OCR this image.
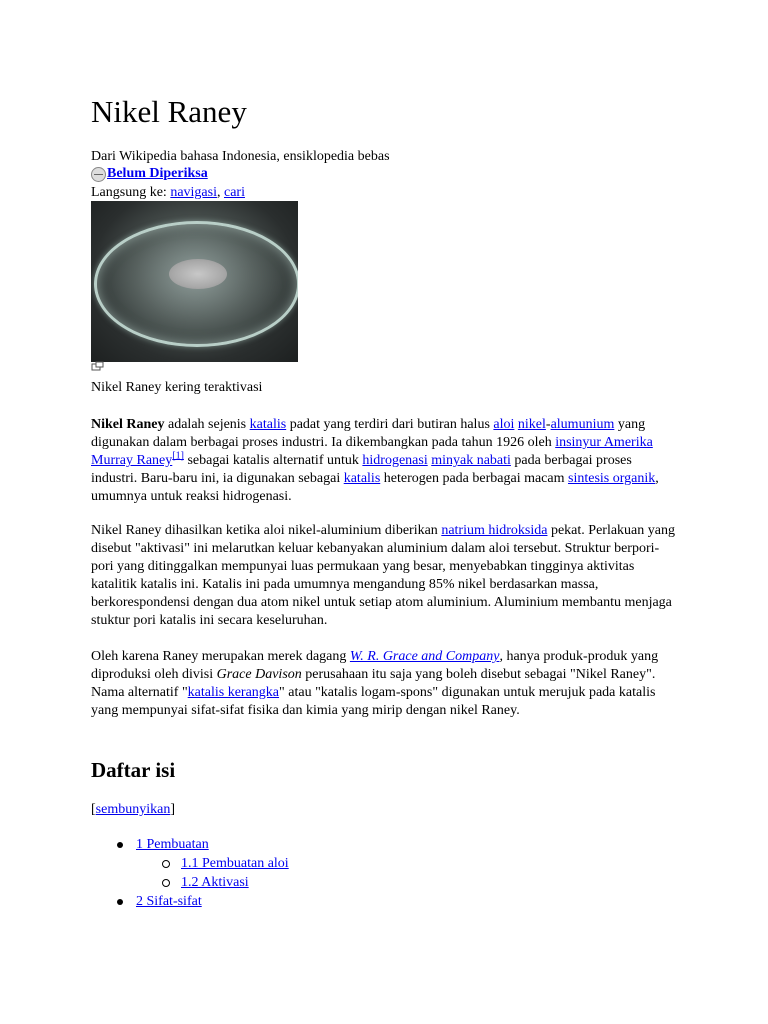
Nikel Raney
Dari Wikipedia bahasa Indonesia, ensiklopedia bebas
Belum Diperiksa
Langsung ke: navigasi, cari
Nikel Raney kering teraktivasi

Nikel Raney adalah sejenis katalis padat yang terdiri dari butiran halus aloi nikel-alumunium yang digunakan dalam berbagai proses industri. Ia dikembangkan pada tahun 1926 oleh insinyur Amerika Murray Raney[1] sebagai katalis alternatif untuk hidrogenasi minyak nabati pada berbagai proses industri. Baru-baru ini, ia digunakan sebagai katalis heterogen pada berbagai macam sintesis organik, umumnya untuk reaksi hidrogenasi.

Nikel Raney dihasilkan ketika aloi nikel-aluminium diberikan natrium hidroksida pekat. Perlakuan yang disebut "aktivasi" ini melarutkan keluar kebanyakan aluminium dalam aloi tersebut. Struktur berpori-pori yang ditinggalkan mempunyai luas permukaan yang besar, menyebabkan tingginya aktivitas katalitik katalis ini. Katalis ini pada umumnya mengandung 85% nikel berdasarkan massa, berkorespondensi dengan dua atom nikel untuk setiap atom aluminium. Aluminium membantu menjaga stuktur pori katalis ini secara keseluruhan.

Oleh karena Raney merupakan merek dagang W. R. Grace and Company, hanya produk-produk yang diproduksi oleh divisi Grace Davison perusahaan itu saja yang boleh disebut sebagai "Nikel Raney". Nama alternatif "katalis kerangka" atau "katalis logam-spons" digunakan untuk merujuk pada katalis yang mempunyai sifat-sifat fisika dan kimia yang mirip dengan nikel Raney.

Daftar isi
[sembunyikan]
1 Pembuatan
1.1 Pembuatan aloi
1.2 Aktivasi
2 Sifat-sifat
